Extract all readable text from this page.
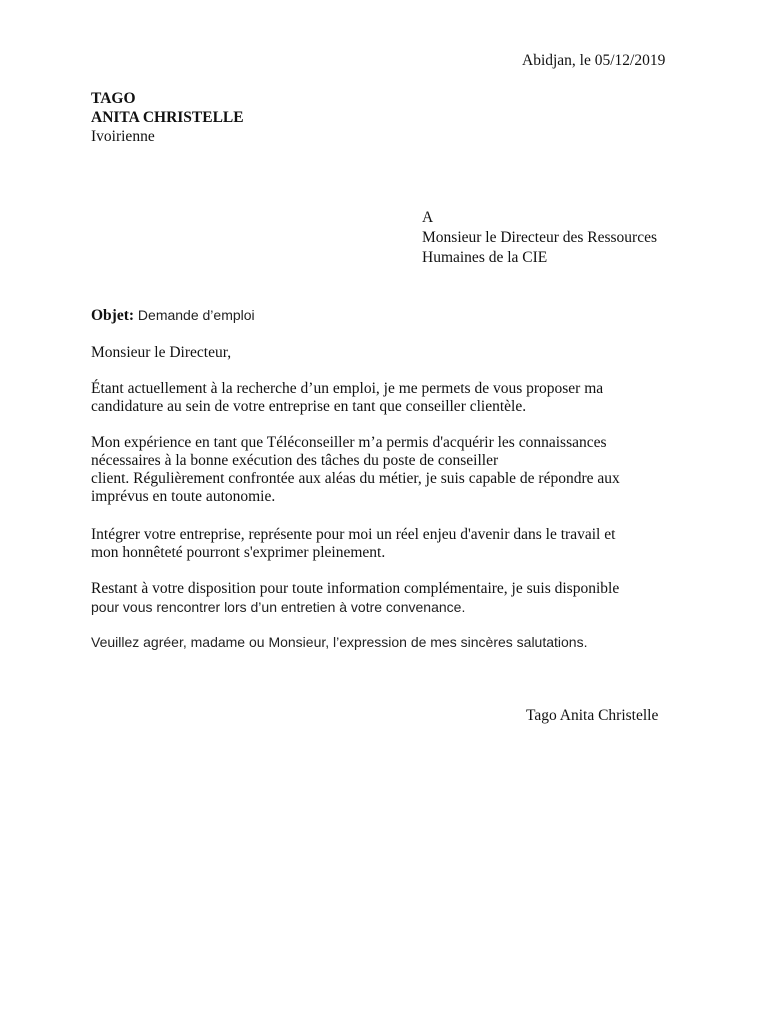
Abidjan, le 05/12/2019
TAGO
ANITA CHRISTELLE
Ivoirienne
A
Monsieur le Directeur des Ressources
Humaines de la CIE
Objet: Demande d’emploi
Monsieur le Directeur,
Étant actuellement à la recherche d’un emploi, je me permets de vous proposer ma
candidature au sein de votre entreprise en tant que conseiller clientèle.
Mon expérience en tant que Téléconseiller m’a permis d'acquérir les connaissances
nécessaires à la bonne exécution des tâches du poste de conseiller
client. Régulièrement confrontée aux aléas du métier, je suis capable de répondre aux
imprévus en toute autonomie.
Intégrer votre entreprise, représente pour moi un réel enjeu d'avenir dans le travail et
mon honnêteté pourront s'exprimer pleinement.
Restant à votre disposition pour toute information complémentaire, je suis disponible
pour vous rencontrer lors d’un entretien à votre convenance.
Veuillez agréer, madame ou Monsieur, l’expression de mes sincères salutations.
Tago Anita Christelle
